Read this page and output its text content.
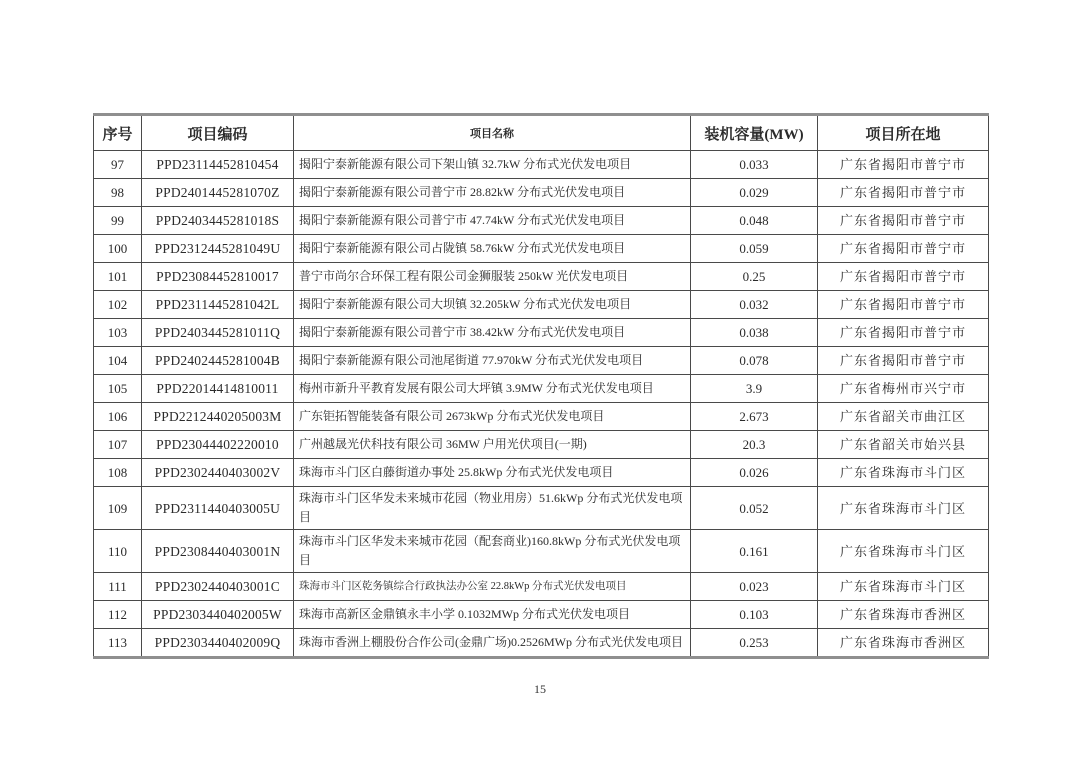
序号	项目编码	项目名称	装机容量(MW)	项目所在地
97	PPD23114452810454	揭阳宁泰新能源有限公司下架山镇 32.7kW 分布式光伏发电项目	0.033	广东省揭阳市普宁市
98	PPD2401445281070Z	揭阳宁泰新能源有限公司普宁市 28.82kW 分布式光伏发电项目	0.029	广东省揭阳市普宁市
99	PPD2403445281018S	揭阳宁泰新能源有限公司普宁市 47.74kW 分布式光伏发电项目	0.048	广东省揭阳市普宁市
100	PPD2312445281049U	揭阳宁泰新能源有限公司占陇镇 58.76kW 分布式光伏发电项目	0.059	广东省揭阳市普宁市
101	PPD23084452810017	普宁市尚尔合环保工程有限公司金狮服装 250kW 光伏发电项目	0.25	广东省揭阳市普宁市
102	PPD2311445281042L	揭阳宁泰新能源有限公司大坝镇 32.205kW 分布式光伏发电项目	0.032	广东省揭阳市普宁市
103	PPD2403445281011Q	揭阳宁泰新能源有限公司普宁市 38.42kW 分布式光伏发电项目	0.038	广东省揭阳市普宁市
104	PPD2402445281004B	揭阳宁泰新能源有限公司池尾街道 77.970kW 分布式光伏发电项目	0.078	广东省揭阳市普宁市
105	PPD22014414810011	梅州市新升平教育发展有限公司大坪镇 3.9MW 分布式光伏发电项目	3.9	广东省梅州市兴宁市
106	PPD2212440205003M	广东钜拓智能装备有限公司 2673kWp 分布式光伏发电项目	2.673	广东省韶关市曲江区
107	PPD23044402220010	广州越晟光伏科技有限公司 36MW 户用光伏项目(一期)	20.3	广东省韶关市始兴县
108	PPD2302440403002V	珠海市斗门区白藤街道办事处 25.8kWp 分布式光伏发电项目	0.026	广东省珠海市斗门区
109	PPD2311440403005U	珠海市斗门区华发未来城市花园（物业用房）51.6kWp 分布式光伏发电项目	0.052	广东省珠海市斗门区
110	PPD2308440403001N	珠海市斗门区华发未来城市花园（配套商业)160.8kWp 分布式光伏发电项目	0.161	广东省珠海市斗门区
111	PPD2302440403001C	珠海市斗门区乾务镇综合行政执法办公室 22.8kWp 分布式光伏发电项目	0.023	广东省珠海市斗门区
112	PPD2303440402005W	珠海市高新区金鼎镇永丰小学 0.1032MWp 分布式光伏发电项目	0.103	广东省珠海市香洲区
113	PPD2303440402009Q	珠海市香洲上棚股份合作公司(金鼎广场)0.2526MWp 分布式光伏发电项目	0.253	广东省珠海市香洲区
15
